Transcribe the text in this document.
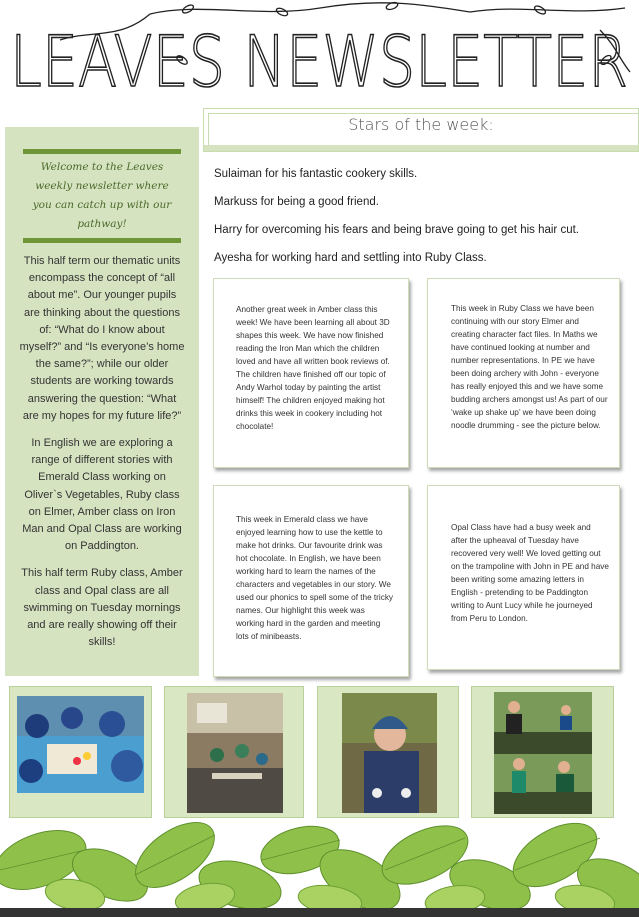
LEAVES NEWSLETTER
Welcome to the Leaves weekly newsletter where you can catch up with our pathway!

This half term our thematic units encompass the concept of “all about me”. Our younger pupils are thinking about the questions of: “What do I know about myself?” and “Is everyone’s home the same?”; while our older students are working towards answering the question: “What are my hopes for my future life?”

In English we are exploring a range of different stories with Emerald Class working on Oliver`s Vegetables, Ruby class on Elmer, Amber class on Iron Man and Opal Class are working on Paddington.

This half term Ruby class, Amber class and Opal class are all swimming on Tuesday mornings and are really showing off their skills!

Stars of the week:
Sulaiman for his fantastic cookery skills.
Markuss for being a good friend.
Harry for overcoming his fears and being brave going to get his hair cut.
Ayesha for working hard and settling into Ruby Class.

Another great week in Amber class this week! We have been learning all about 3D shapes this week. We have now finished reading the Iron Man which the children loved and have all written book reviews of. The children have finished off our topic of Andy Warhol today by painting the artist himself! The children enjoyed making hot drinks this week in cookery including hot chocolate!

This week in Ruby Class we have been continuing with our story Elmer and creating character fact files. In Maths we have continued looking at number and number representations. In PE we have been doing archery with John - everyone has really enjoyed this and we have some budding archers amongst us! As part of our ‘wake up shake up’ we have been doing noodle drumming - see the picture below.

This week in Emerald class we have enjoyed learning how to use the kettle to make hot drinks. Our favourite drink was hot chocolate. In English, we have been working hard to learn the names of the characters and vegetables in our story. We used our phonics to spell some of the tricky names. Our highlight this week was working hard in the garden and meeting lots of minibeasts.

Opal Class have had a busy week and after the upheaval of Tuesday have recovered very well! We loved getting out on the trampoline with John in PE and have been writing some amazing letters in English - pretending to be Paddington writing to Aunt Lucy while he journeyed from Peru to London.
